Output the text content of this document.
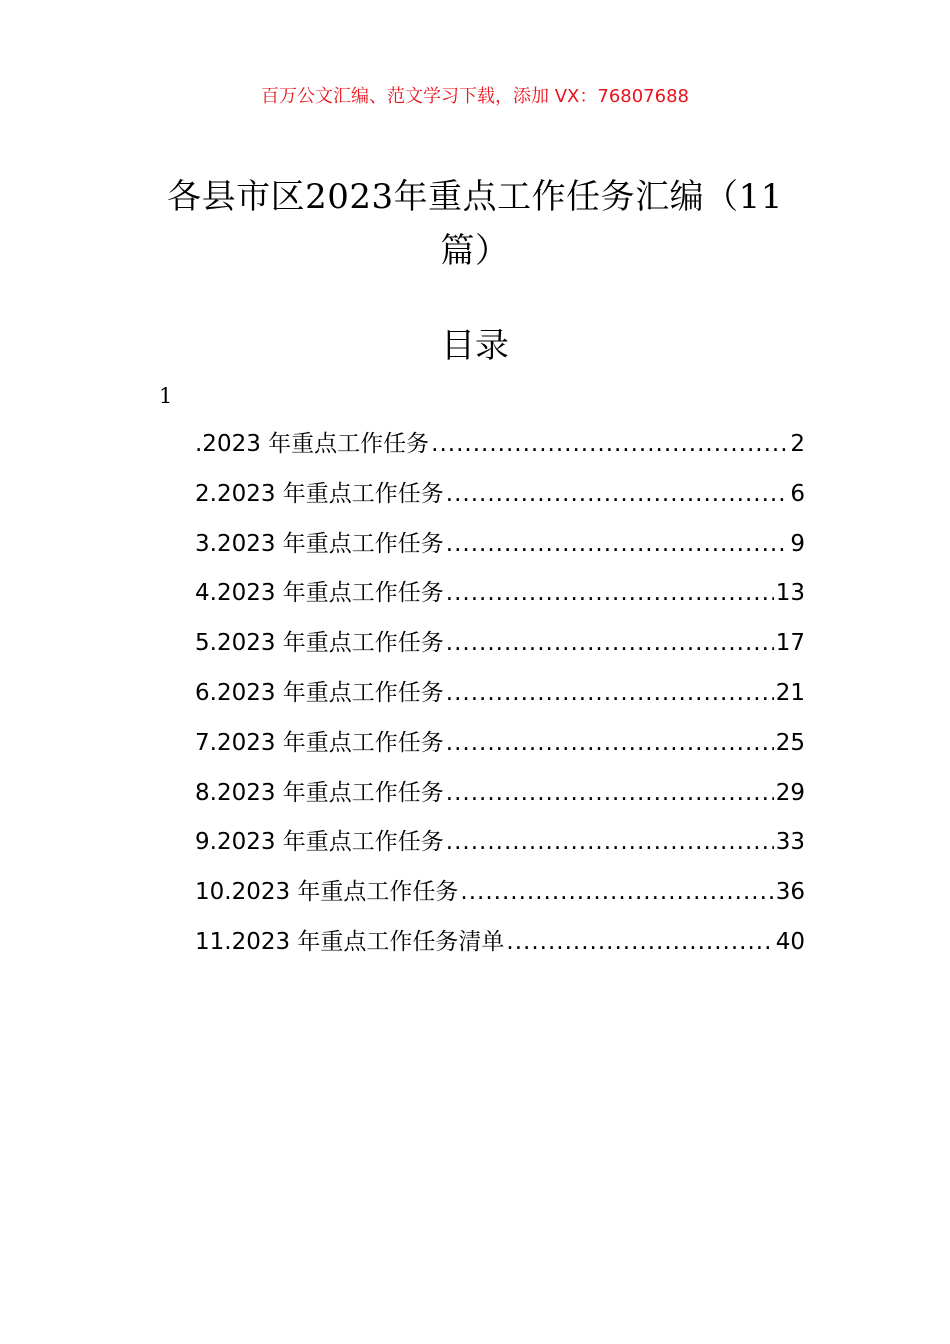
百万公文汇编、范文学习下载，添加 VX：76807688
各县市区2023年重点工作任务汇编（11
篇）
目录
1
.2023 年重点工作任务 .....	2
2.2023 年重点工作任务 .....	6
3.2023 年重点工作任务 .....	9
4.2023 年重点工作任务 .....	13
5.2023 年重点工作任务 .....	17
6.2023 年重点工作任务 .....	21
7.2023 年重点工作任务 .....	25
8.2023 年重点工作任务 .....	29
9.2023 年重点工作任务 .....	33
10.2023 年重点工作任务 .....	36
11.2023 年重点工作任务清单 .....	40
